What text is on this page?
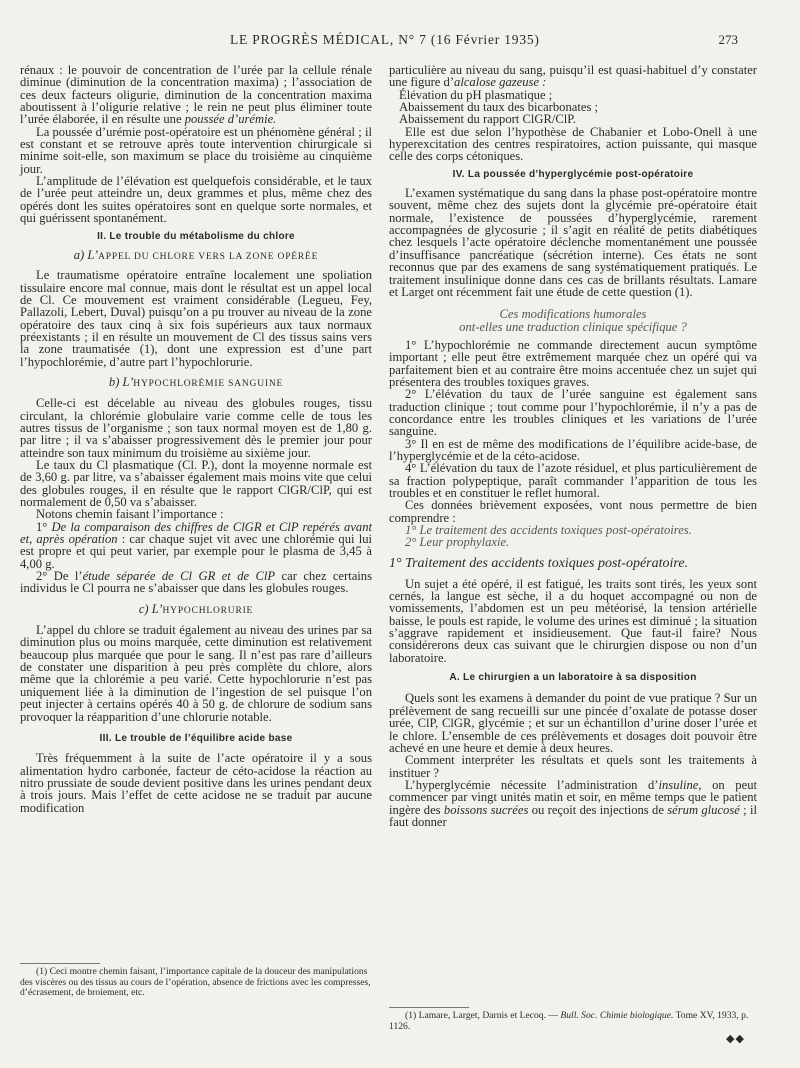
LE PROGRÈS MÉDICAL, N° 7 (16 Février 1935)	273

rénaux : le pouvoir de concentration de l’urée par la cellule rénale diminue (diminution de la concentration maxima) ; l’association de ces deux facteurs oligurie, diminution de la concentration maxima aboutissent à l’oligurie relative ; le rein ne peut plus éliminer toute l’urée élaborée, il en résulte une poussée d’urémie.

La poussée d’urémie post-opératoire est un phénomène général ; il est constant et se retrouve après toute intervention chirurgicale si minime soit-elle, son maximum se place du troisième au cinquième jour.

L’amplitude de l’élévation est quelquefois considérable, et le taux de l’urée peut atteindre un, deux grammes et plus, même chez des opérés dont les suites opératoires sont en quelque sorte normales, et qui guérissent spontanément.

II. Le trouble du métabolisme du chlore

a) L’APPEL DU CHLORE VERS LA ZONE OPÉRÉE

Le traumatisme opératoire entraîne localement une spoliation tissulaire encore mal connue, mais dont le résultat est un appel local de Cl. Ce mouvement est vraiment considérable (Legueu, Fey, Pallazoli, Lebert, Duval) puisqu’on a pu trouver au niveau de la zone opératoire des taux cinq à six fois supérieurs aux taux normaux préexistants ; il en résulte un mouvement de Cl des tissus sains vers la zone traumatisée (1), dont une expression est d’une part l’hypochlorémie, d’autre part l’hypochlorurie.

b) L’HYPOCHLORÉMIE SANGUINE

Celle-ci est décelable au niveau des globules rouges, tissu circulant, la chlorémie globulaire varie comme celle de tous les autres tissus de l’organisme ; son taux normal moyen est de 1,80 g. par litre ; il va s’abaisser progressivement dès le premier jour pour atteindre son taux minimum du troisième au sixième jour.

Le taux du Cl plasmatique (Cl. P.), dont la moyenne normale est de 3,60 g. par litre, va s’abaisser également mais moins vite que celui des globules rouges, il en résulte que le rapport ClGR/ClP, qui est normalement de 0,50 va s’abaisser.

Notons chemin faisant l’importance :

1° De la comparaison des chiffres de ClGR et ClP repérés avant et, après opération : car chaque sujet vit avec une chlorémie qui lui est propre et qui peut varier, par exemple pour le plasma de 3,45 à 4,00 g.

2° De l’étude séparée de Cl GR et de ClP car chez certains individus le Cl pourra ne s’abaisser que dans les globules rouges.

c) L’HYPOCHLORURIE

L’appel du chlore se traduit également au niveau des urines par sa diminution plus ou moins marquée, cette diminution est relativement beaucoup plus marquée que pour le sang. Il n’est pas rare d’ailleurs de constater une disparition à peu près complète du chlore, alors même que la chlorémie a peu varié. Cette hypochlorurie n’est pas uniquement liée à la diminution de l’ingestion de sel puisque l’on peut injecter à certains opérés 40 à 50 g. de chlorure de sodium sans provoquer la réapparition d’une chlorurie notable.

III. Le trouble de l’équilibre acide base

Très fréquemment à la suite de l’acte opératoire il y a sous alimentation hydro carbonée, facteur de céto-acidose la réaction au nitro prussiate de soude devient positive dans les urines pendant deux à trois jours. Mais l’effet de cette acidose ne se traduit par aucune modification

(1) Ceci montre chemin faisant, l’importance capitale de la douceur des manipulations des viscères ou des tissus au cours de l’opération, absence de frictions avec les compresses, d’écrasement, de broiement, etc.

particulière au niveau du sang, puisqu’il est quasi-habituel d’y constater une figure d’alcalose gazeuse :

Élévation du pH plasmatique ;

Abaissement du taux des bicarbonates ;

Abaissement du rapport ClGR/ClP.

Elle est due selon l’hypothèse de Chabanier et Lobo-Onell à une hyperexcitation des centres respiratoires, action puissante, qui masque celle des corps cétoniques.

IV. La poussée d’hyperglycémie post-opératoire

L’examen systématique du sang dans la phase post-opératoire montre souvent, même chez des sujets dont la glycémie pré-opératoire était normale, l’existence de poussées d’hyperglycémie, rarement accompagnées de glycosurie ; il s’agit en réalité de petits diabétiques chez lesquels l’acte opératoire déclenche momentanément une poussée d’insuffisance pancréatique (sécrétion interne). Ces états ne sont reconnus que par des examens de sang systématiquement pratiqués. Le traitement insulinique donne dans ces cas de brillants résultats. Lamare et Larget ont récemment fait une étude de cette question (1).

Ces modifications humorales

ont-elles une traduction clinique spécifique ?

1° L’hypochlorémie ne commande directement aucun symptôme important ; elle peut être extrêmement marquée chez un opéré qui va parfaitement bien et au contraire être moins accentuée chez un sujet qui présentera des troubles toxiques graves.

2° L’élévation du taux de l’urée sanguine est également sans traduction clinique ; tout comme pour l’hypochlorémie, il n’y a pas de concordance entre les troubles cliniques et les variations de l’urée sanguine.

3° Il en est de même des modifications de l’équilibre acide-base, de l’hyperglycémie et de la céto-acidose.

4° L’élévation du taux de l’azote résiduel, et plus particulièrement de sa fraction polypeptique, paraît commander l’apparition de tous les troubles et en constituer le reflet humoral.

Ces données brièvement exposées, vont nous permettre de bien comprendre :

1° Le traitement des accidents toxiques post-opératoires.

2° Leur prophylaxie.

1° Traitement des accidents toxiques post-opératoire.

Un sujet a été opéré, il est fatigué, les traits sont tirés, les yeux sont cernés, la langue est sèche, il a du hoquet accompagné ou non de vomissements, l’abdomen est un peu météorisé, la tension artérielle baisse, le pouls est rapide, le volume des urines est diminué ; la situation s’aggrave rapidement et insidieusement. Que faut-il faire? Nous considérerons deux cas suivant que le chirurgien dispose ou non d’un laboratoire.

A. Le chirurgien a un laboratoire à sa disposition

Quels sont les examens à demander du point de vue pratique ? Sur un prélèvement de sang recueilli sur une pincée d’oxalate de potasse doser urée, ClP, ClGR, glycémie ; et sur un échantillon d’urine doser l’urée et le chlore. L’ensemble de ces prélèvements et dosages doit pouvoir être achevé en une heure et demie à deux heures.

Comment interpréter les résultats et quels sont les traitements à instituer ?

L’hyperglycémie nécessite l’administration d’insuline, on peut commencer par vingt unités matin et soir, en même temps que le patient ingère des boissons sucrées ou reçoit des injections de sérum glucosé ; il faut donner

(1) Lamare, Larget, Darnis et Lecoq. — Bull. Soc. Chimie biologique. Tome XV, 1933, p. 1126.

◆◆
